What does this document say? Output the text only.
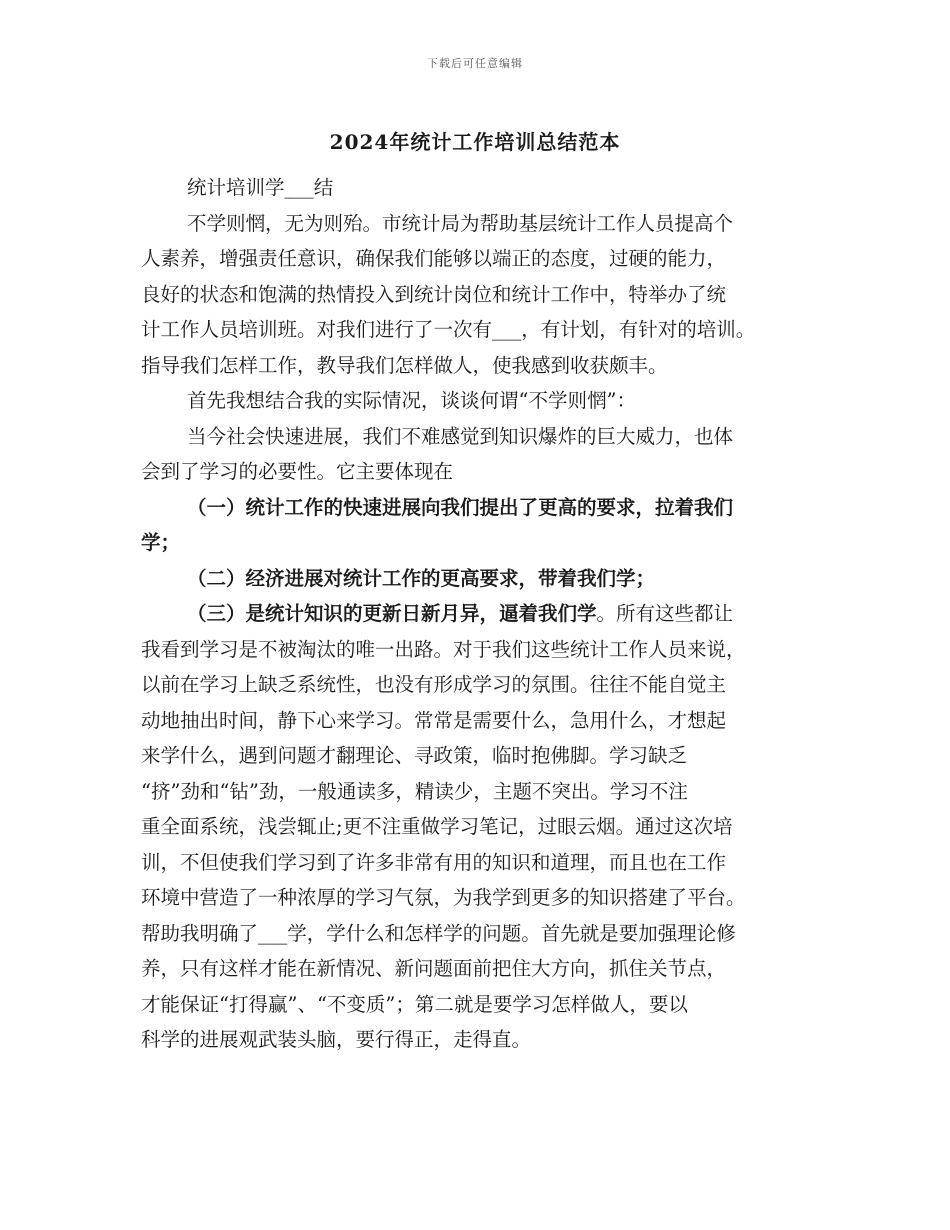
下载后可任意编辑
2024年统计工作培训总结范本

统计培训学___结

不学则惘，无为则殆。市统计局为帮助基层统计工作人员提高个

人素养，增强责任意识，确保我们能够以端正的态度，过硬的能力，

良好的状态和饱满的热情投入到统计岗位和统计工作中，特举办了统

计工作人员培训班。对我们进行了一次有___，有计划，有针对的培训。

指导我们怎样工作，教导我们怎样做人，使我感到收获颇丰。

首先我想结合我的实际情况，谈谈何谓“不学则惘”：

当今社会快速进展，我们不难感觉到知识爆炸的巨大威力，也体

会到了学习的必要性。它主要体现在

（一）统计工作的快速进展向我们提出了更高的要求，拉着我们

学；

（二）经济进展对统计工作的更高要求，带着我们学；

（三）是统计知识的更新日新月异，逼着我们学。所有这些都让

我看到学习是不被淘汰的唯一出路。对于我们这些统计工作人员来说，

以前在学习上缺乏系统性，也没有形成学习的氛围。往往不能自觉主

动地抽出时间，静下心来学习。常常是需要什么，急用什么，才想起

来学什么，遇到问题才翻理论、寻政策，临时抱佛脚。学习缺乏

“挤”劲和“钻”劲，一般通读多，精读少，主题不突出。学习不注

重全面系统，浅尝辄止;更不注重做学习笔记，过眼云烟。通过这次培

训，不但使我们学习到了许多非常有用的知识和道理，而且也在工作

环境中营造了一种浓厚的学习气氛，为我学到更多的知识搭建了平台。

帮助我明确了___学，学什么和怎样学的问题。首先就是要加强理论修

养，只有这样才能在新情况、新问题面前把住大方向，抓住关节点，

才能保证“打得赢”、“不变质”；第二就是要学习怎样做人，要以

科学的进展观武装头脑，要行得正，走得直。
